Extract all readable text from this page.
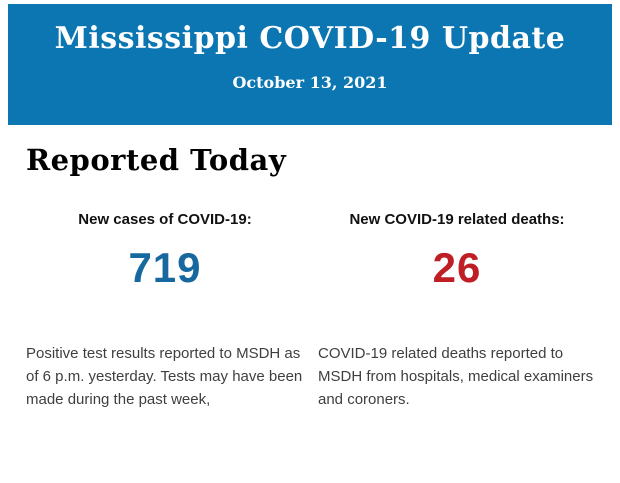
Mississippi COVID-19 Update
October 13, 2021
Reported Today
New cases of COVID-19:
719
New COVID-19 related deaths:
26
Positive test results reported to MSDH as of 6 p.m. yesterday. Tests may have been made during the past week,
COVID-19 related deaths reported to MSDH from hospitals, medical examiners and coroners.
